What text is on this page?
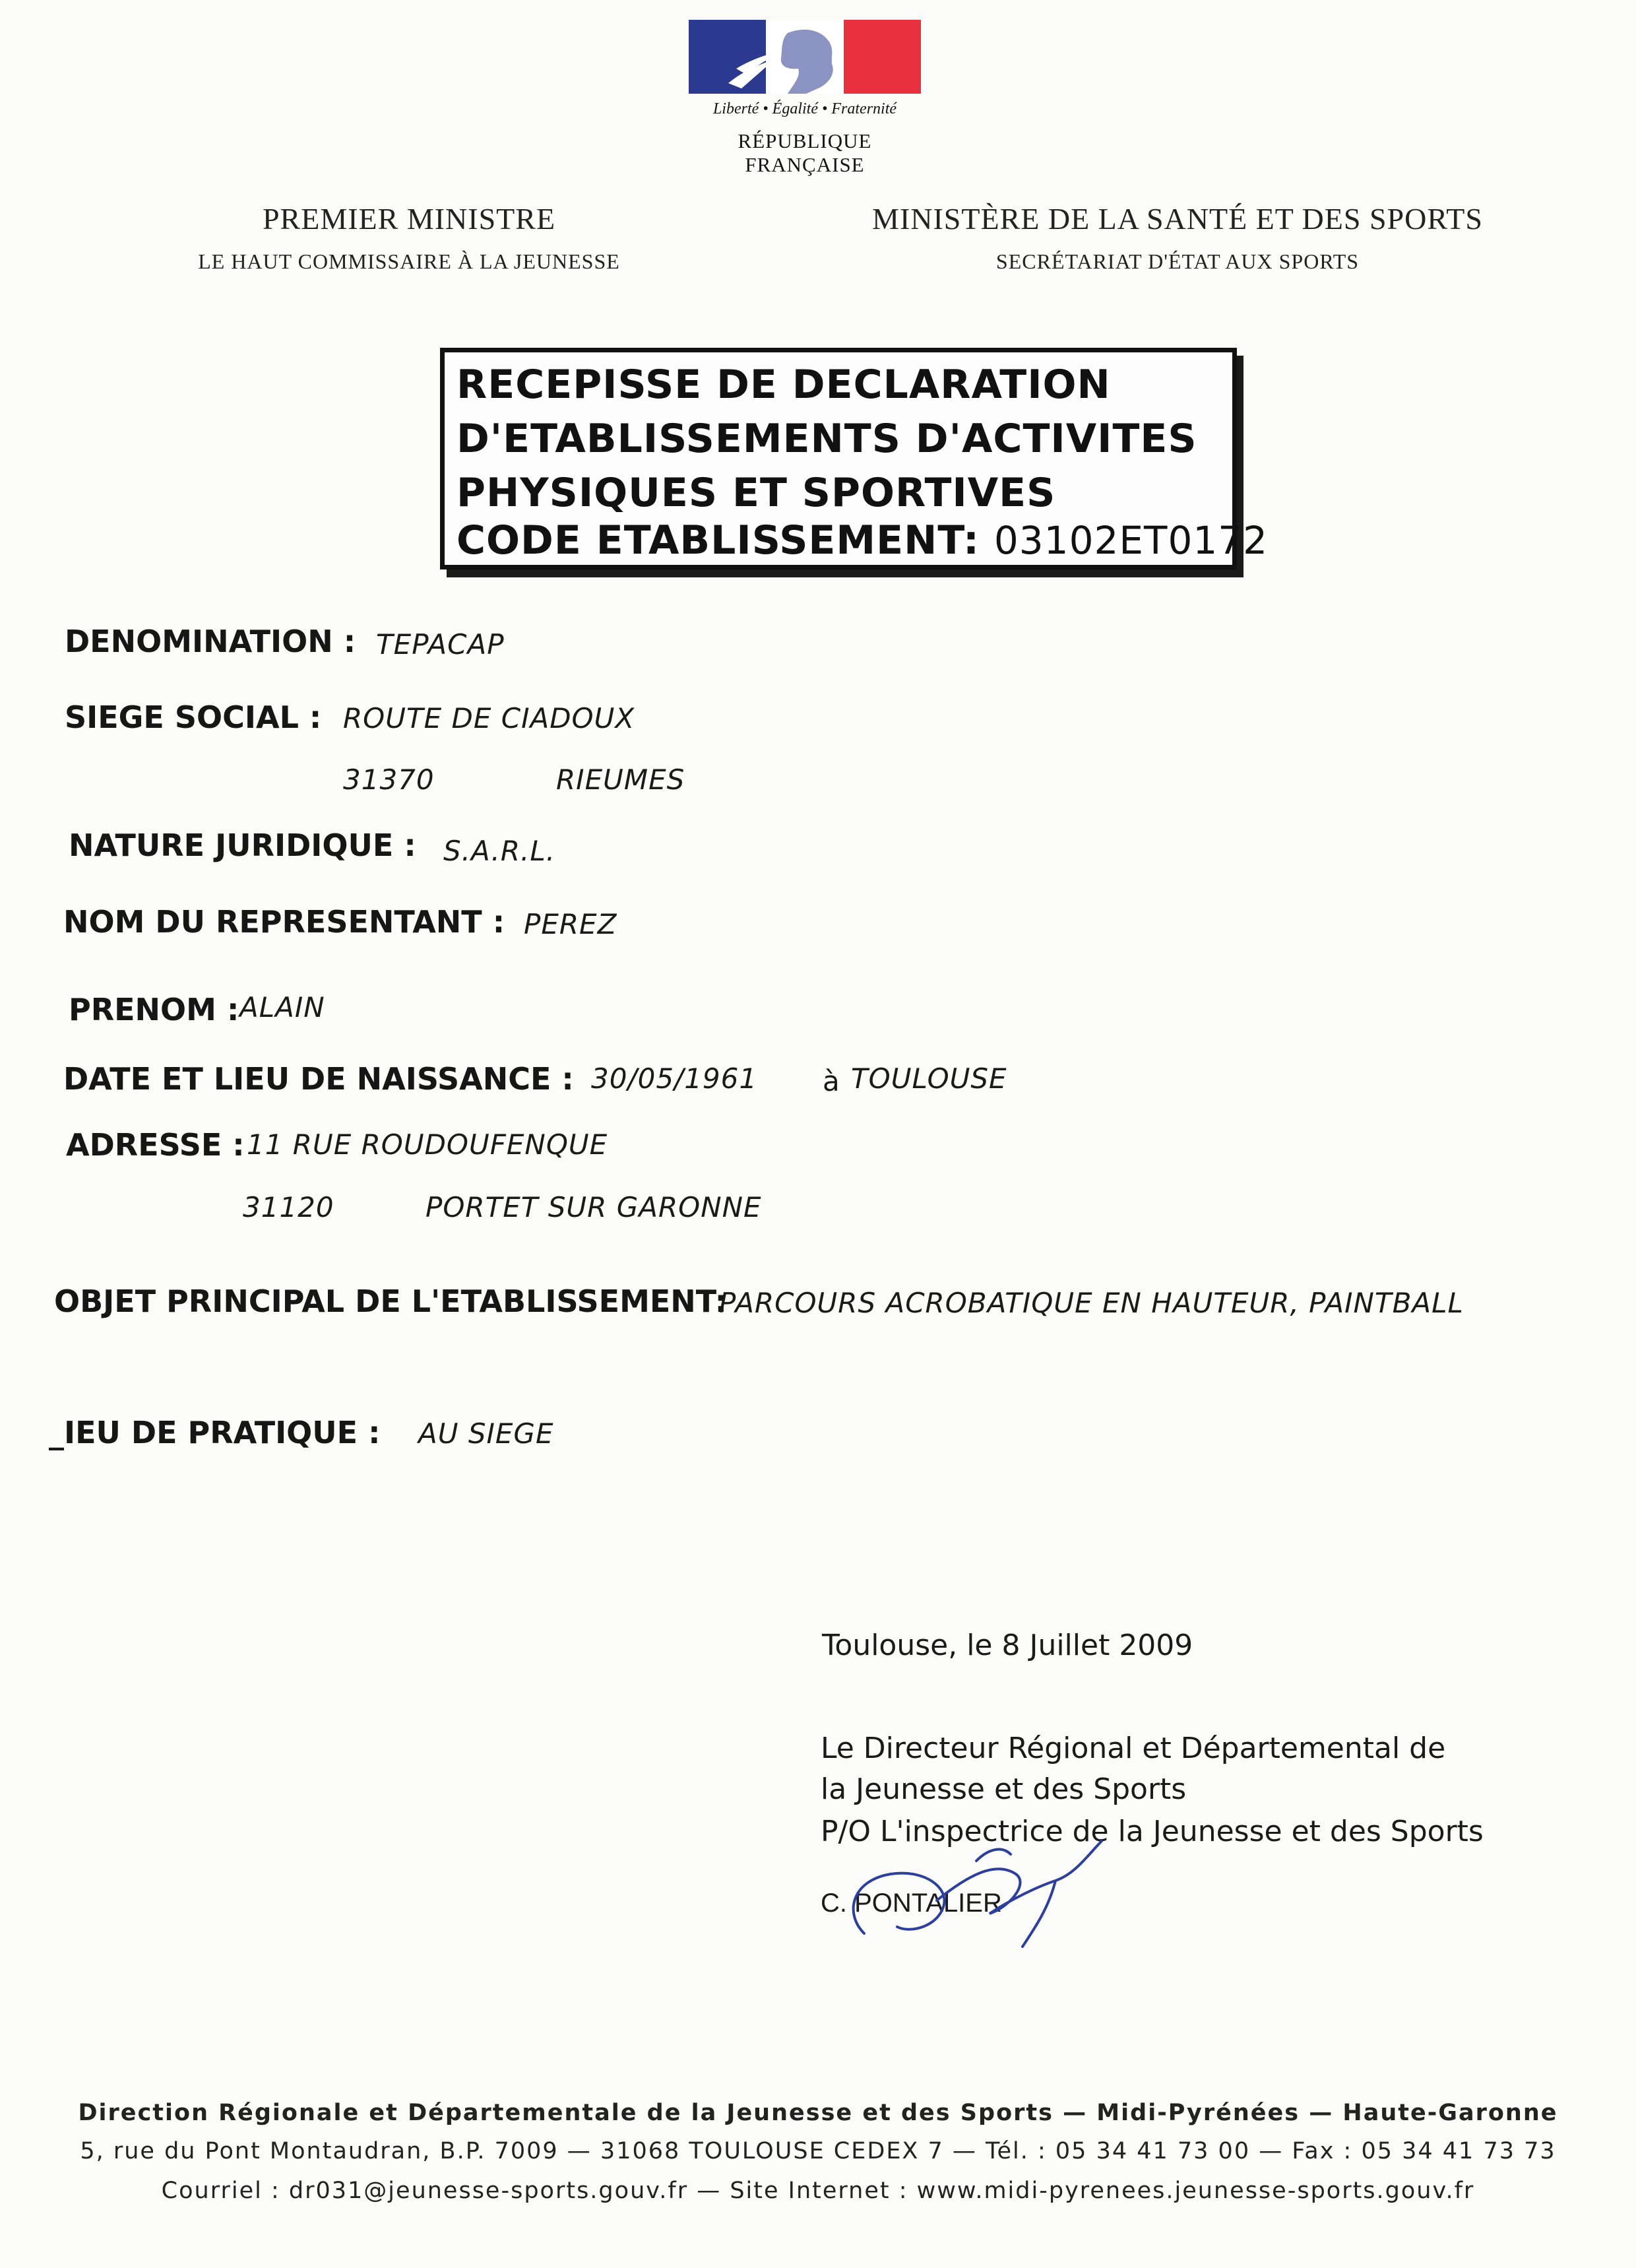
Liberté • Égalité • Fraternité
RÉPUBLIQUE FRANÇAISE
PREMIER MINISTRE
LE HAUT COMMISSAIRE À LA JEUNESSE
MINISTÈRE DE LA SANTÉ ET DES SPORTS
SECRÉTARIAT D'ÉTAT AUX SPORTS
RECEPISSE DE DECLARATION
D'ETABLISSEMENTS D'ACTIVITES
PHYSIQUES ET SPORTIVES
CODE ETABLISSEMENT: 03102ET0172
DENOMINATION : TEPACAP
SIEGE SOCIAL : ROUTE DE CIADOUX
31370	RIEUMES
NATURE JURIDIQUE : S.A.R.L.
NOM DU REPRESENTANT : PEREZ
PRENOM : ALAIN
DATE ET LIEU DE NAISSANCE : 30/05/1961 à TOULOUSE
ADRESSE : 11 RUE ROUDOUFENQUE
31120	PORTET SUR GARONNE
OBJET PRINCIPAL DE L'ETABLISSEMENT:
PARCOURS ACROBATIQUE EN HAUTEUR, PAINTBALL
_IEU DE PRATIQUE : AU SIEGE
Toulouse, le 8 Juillet 2009
Le Directeur Régional et Départemental de
la Jeunesse et des Sports
P/O L'inspectrice de la Jeunesse et des Sports
C. PONTALIER
Direction Régionale et Départementale de la Jeunesse et des Sports — Midi-Pyrénées — Haute-Garonne
5, rue du Pont Montaudran, B.P. 7009 — 31068 TOULOUSE CEDEX 7 — Tél. : 05 34 41 73 00 — Fax : 05 34 41 73 73
Courriel : dr031@jeunesse-sports.gouv.fr — Site Internet : www.midi-pyrenees.jeunesse-sports.gouv.fr
